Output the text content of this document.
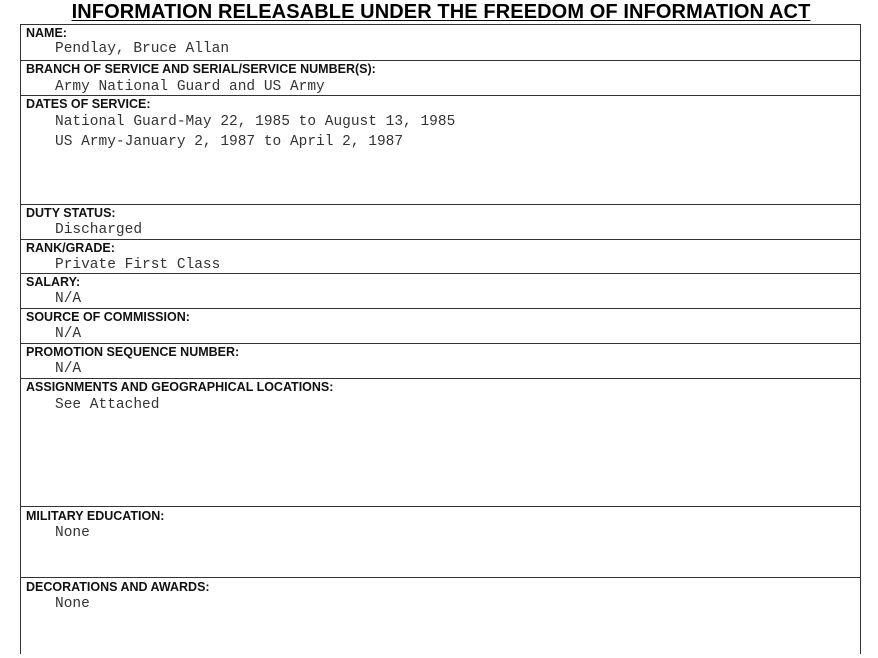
INFORMATION RELEASABLE UNDER THE FREEDOM OF INFORMATION ACT
NAME:
Pendlay, Bruce Allan
BRANCH OF SERVICE AND SERIAL/SERVICE NUMBER(S):
Army National Guard and US Army
DATES OF SERVICE:
National Guard-May 22, 1985 to August 13, 1985
US Army-January 2, 1987 to April 2, 1987
DUTY STATUS:
Discharged
RANK/GRADE:
Private First Class
SALARY:
N/A
SOURCE OF COMMISSION:
N/A
PROMOTION SEQUENCE NUMBER:
N/A
ASSIGNMENTS AND GEOGRAPHICAL LOCATIONS:
See Attached
MILITARY EDUCATION:
None
DECORATIONS AND AWARDS:
None
